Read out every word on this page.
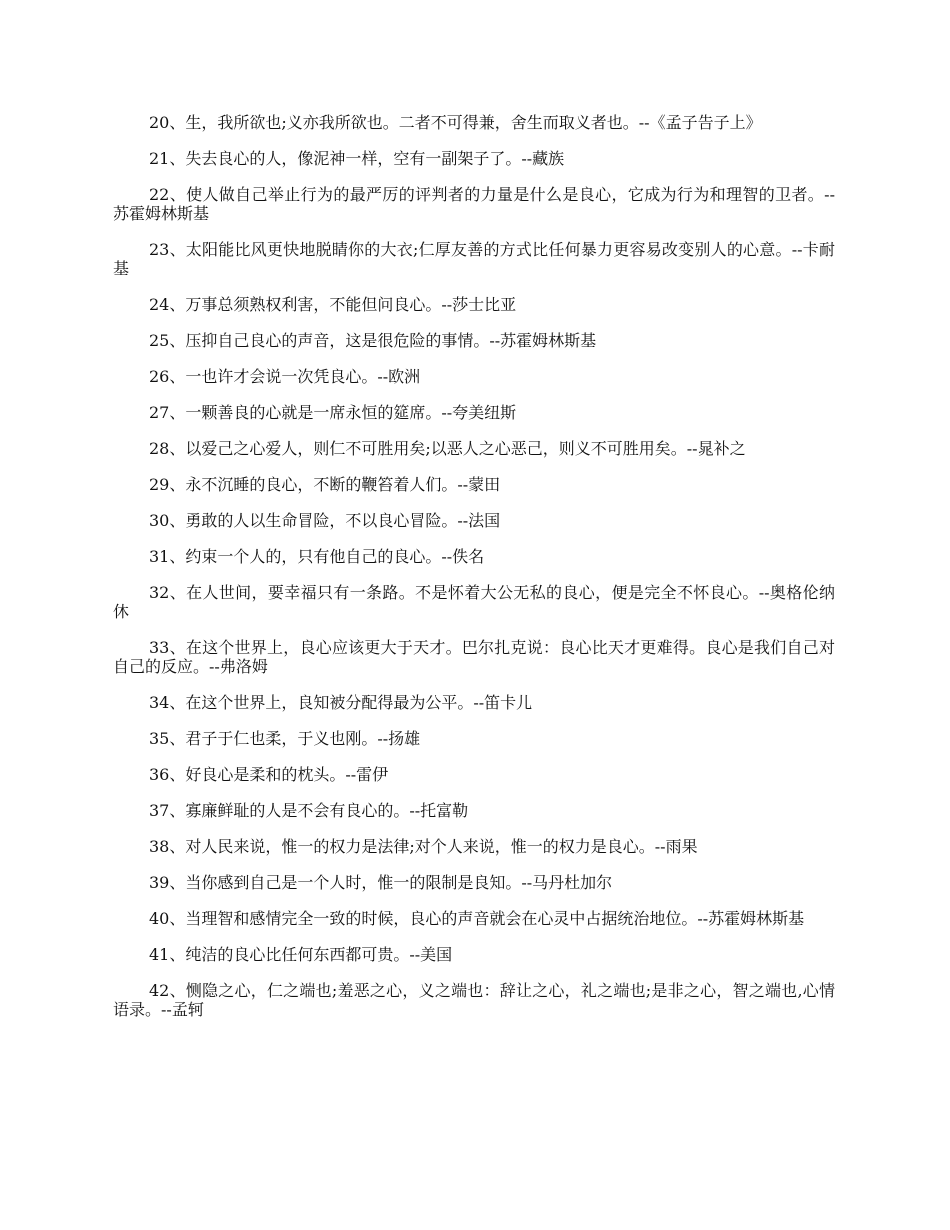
20、生，我所欲也;义亦我所欲也。二者不可得兼，舍生而取义者也。--《孟子告子上》

21、失去良心的人，像泥神一样，空有一副架子了。--藏族

22、使人做自己举止行为的最严厉的评判者的力量是什么是良心，它成为行为和理智的卫者。--苏霍姆林斯基

23、太阳能比风更快地脱睛你的大衣;仁厚友善的方式比任何暴力更容易改变别人的心意。--卡耐基

24、万事总须熟权利害，不能但问良心。--莎士比亚

25、压抑自己良心的声音，这是很危险的事情。--苏霍姆林斯基

26、一也许才会说一次凭良心。--欧洲

27、一颗善良的心就是一席永恒的筵席。--夸美纽斯

28、以爱己之心爱人，则仁不可胜用矣;以恶人之心恶己，则义不可胜用矣。--晁补之

29、永不沉睡的良心，不断的鞭笞着人们。--蒙田

30、勇敢的人以生命冒险，不以良心冒险。--法国

31、约束一个人的，只有他自己的良心。--佚名

32、在人世间，要幸福只有一条路。不是怀着大公无私的良心，便是完全不怀良心。--奥格伦纳休

33、在这个世界上，良心应该更大于天才。巴尔扎克说：良心比天才更难得。良心是我们自己对自己的反应。--弗洛姆

34、在这个世界上，良知被分配得最为公平。--笛卡儿

35、君子于仁也柔，于义也刚。--扬雄

36、好良心是柔和的枕头。--雷伊

37、寡廉鲜耻的人是不会有良心的。--托富勒

38、对人民来说，惟一的权力是法律;对个人来说，惟一的权力是良心。--雨果

39、当你感到自己是一个人时，惟一的限制是良知。--马丹杜加尔

40、当理智和感情完全一致的时候，良心的声音就会在心灵中占据统治地位。--苏霍姆林斯基

41、纯洁的良心比任何东西都可贵。--美国

42、恻隐之心，仁之端也;羞恶之心，义之端也：辞让之心，礼之端也;是非之心，智之端也,心情语录。--孟轲
